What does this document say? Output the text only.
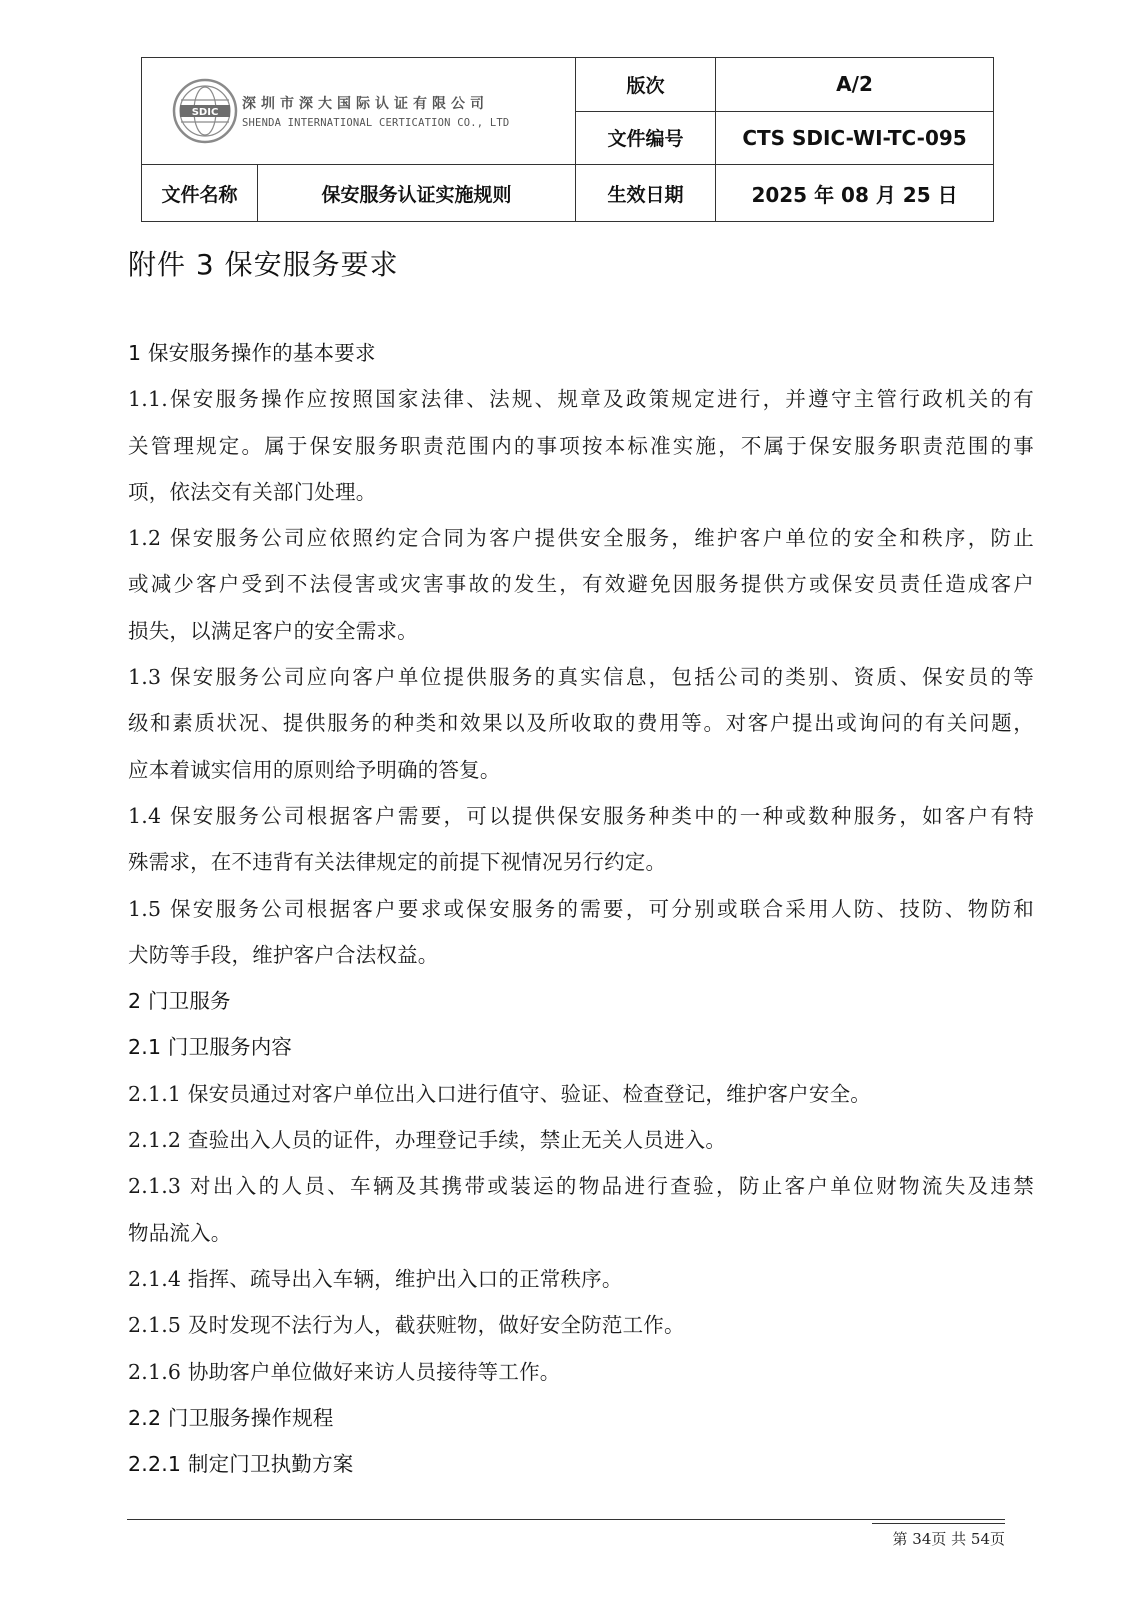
SDIC
深圳市深大国际认证有限公司
SHENDA INTERNATIONAL CERTICATION CO., LTD		版次	A/2
		文件编号	CTS SDIC-WI-TC-095
文件名称	保安服务认证实施规则	生效日期	2025 年 08 月 25 日
附件 3 保安服务要求

1 保安服务操作的基本要求

1.1.保安服务操作应按照国家法律、法规、规章及政策规定进行，并遵守主管行政机关的有

关管理规定。属于保安服务职责范围内的事项按本标准实施，不属于保安服务职责范围的事

项，依法交有关部门处理。

1.2 保安服务公司应依照约定合同为客户提供安全服务，维护客户单位的安全和秩序，防止

或减少客户受到不法侵害或灾害事故的发生，有效避免因服务提供方或保安员责任造成客户

损失，以满足客户的安全需求。

1.3 保安服务公司应向客户单位提供服务的真实信息，包括公司的类别、资质、保安员的等

级和素质状况、提供服务的种类和效果以及所收取的费用等。对客户提出或询问的有关问题，

应本着诚实信用的原则给予明确的答复。

1.4 保安服务公司根据客户需要，可以提供保安服务种类中的一种或数种服务，如客户有特

殊需求，在不违背有关法律规定的前提下视情况另行约定。

1.5 保安服务公司根据客户要求或保安服务的需要，可分别或联合采用人防、技防、物防和

犬防等手段，维护客户合法权益。

2 门卫服务

2.1 门卫服务内容

2.1.1 保安员通过对客户单位出入口进行值守、验证、检查登记，维护客户安全。

2.1.2 查验出入人员的证件，办理登记手续，禁止无关人员进入。

2.1.3 对出入的人员、车辆及其携带或装运的物品进行查验，防止客户单位财物流失及违禁

物品流入。

2.1.4 指挥、疏导出入车辆，维护出入口的正常秩序。

2.1.5 及时发现不法行为人，截获赃物，做好安全防范工作。

2.1.6 协助客户单位做好来访人员接待等工作。

2.2 门卫服务操作规程

2.2.1 制定门卫执勤方案

第 34页 共 54页
